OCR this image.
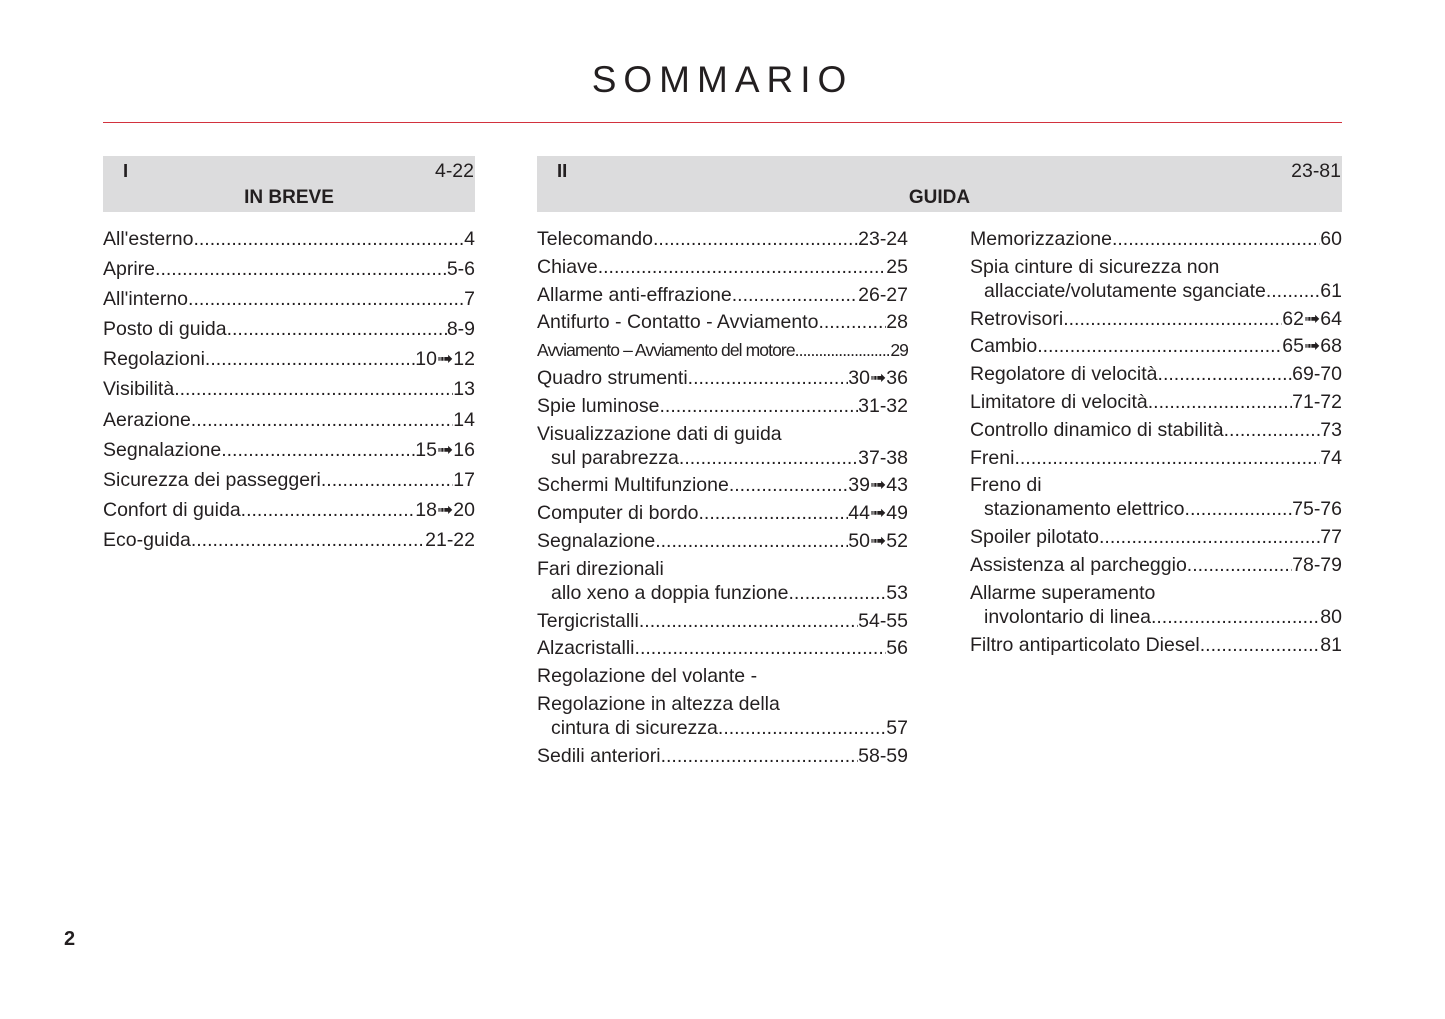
SOMMARIO
I	4-22
IN BREVE
II	23-81
GUIDA
All'esterno .....	4
Aprire .....	5-6
All'interno .....	7
Posto di guida .....	8-9
Regolazioni .....	10➟12
Visibilità .....	13
Aerazione .....	14
Segnalazione .....	15➟16
Sicurezza dei passeggeri .....	17
Confort di guida .....	18➟20
Eco-guida .....	21-22
Telecomando .....	23-24
Chiave .....	25
Allarme anti-effrazione .....	26-27
Antifurto - Contatto - Avviamento .....	28
Avviamento – Avviamento del motore .....	29
Quadro strumenti .....	30➟36
Spie luminose .....	31-32
Visualizzazione dati di guida
sul parabrezza .....	37-38
Schermi Multifunzione .....	39➟43
Computer di bordo .....	44➟49
Segnalazione .....	50➟52
Fari direzionali
allo xeno a doppia funzione .....	53
Tergicristalli .....	54-55
Alzacristalli .....	56
Regolazione del volante -
Regolazione in altezza della
cintura di sicurezza .....	57
Sedili anteriori .....	58-59
Memorizzazione .....	60
Spia cinture di sicurezza non
allacciate/volutamente sganciate .....	61
Retrovisori .....	62➟64
Cambio .....	65➟68
Regolatore di velocità .....	69-70
Limitatore di velocità .....	71-72
Controllo dinamico di stabilità .....	73
Freni .....	74
Freno di
stazionamento elettrico .....	75-76
Spoiler pilotato .....	77
Assistenza al parcheggio .....	78-79
Allarme superamento
involontario di linea .....	80
Filtro antiparticolato Diesel .....	81
2
